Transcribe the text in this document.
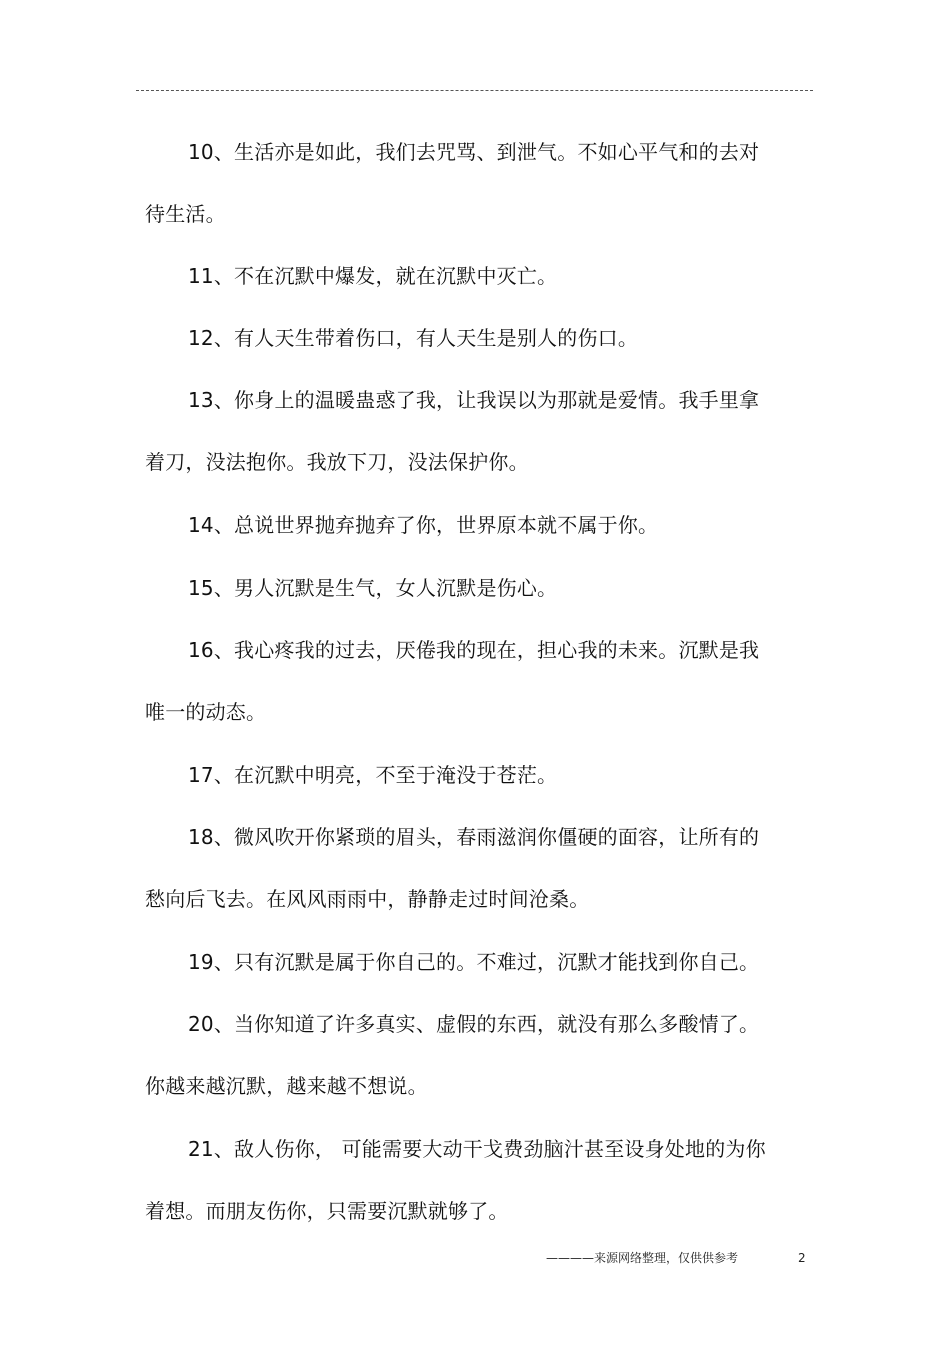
10、生活亦是如此，我们去咒骂、到泄气。不如心平气和的去对
待生活。
11、不在沉默中爆发，就在沉默中灭亡。
12、有人天生带着伤口，有人天生是别人的伤口。
13、你身上的温暖蛊惑了我，让我误以为那就是爱情。我手里拿
着刀，没法抱你。我放下刀，没法保护你。
14、总说世界抛弃抛弃了你，世界原本就不属于你。
15、男人沉默是生气，女人沉默是伤心。
16、我心疼我的过去，厌倦我的现在，担心我的未来。沉默是我
唯一的动态。
17、在沉默中明亮，不至于淹没于苍茫。
18、微风吹开你紧琐的眉头，春雨滋润你僵硬的面容，让所有的
愁向后飞去。在风风雨雨中，静静走过时间沧桑。
19、只有沉默是属于你自己的。不难过，沉默才能找到你自己。
20、当你知道了许多真实、虚假的东西，就没有那么多酸情了。
你越来越沉默，越来越不想说。
21、敌人伤你， 可能需要大动干戈费劲脑汁甚至设身处地的为你
着想。而朋友伤你，只需要沉默就够了。
————来源网络整理，仅供供参考	2
